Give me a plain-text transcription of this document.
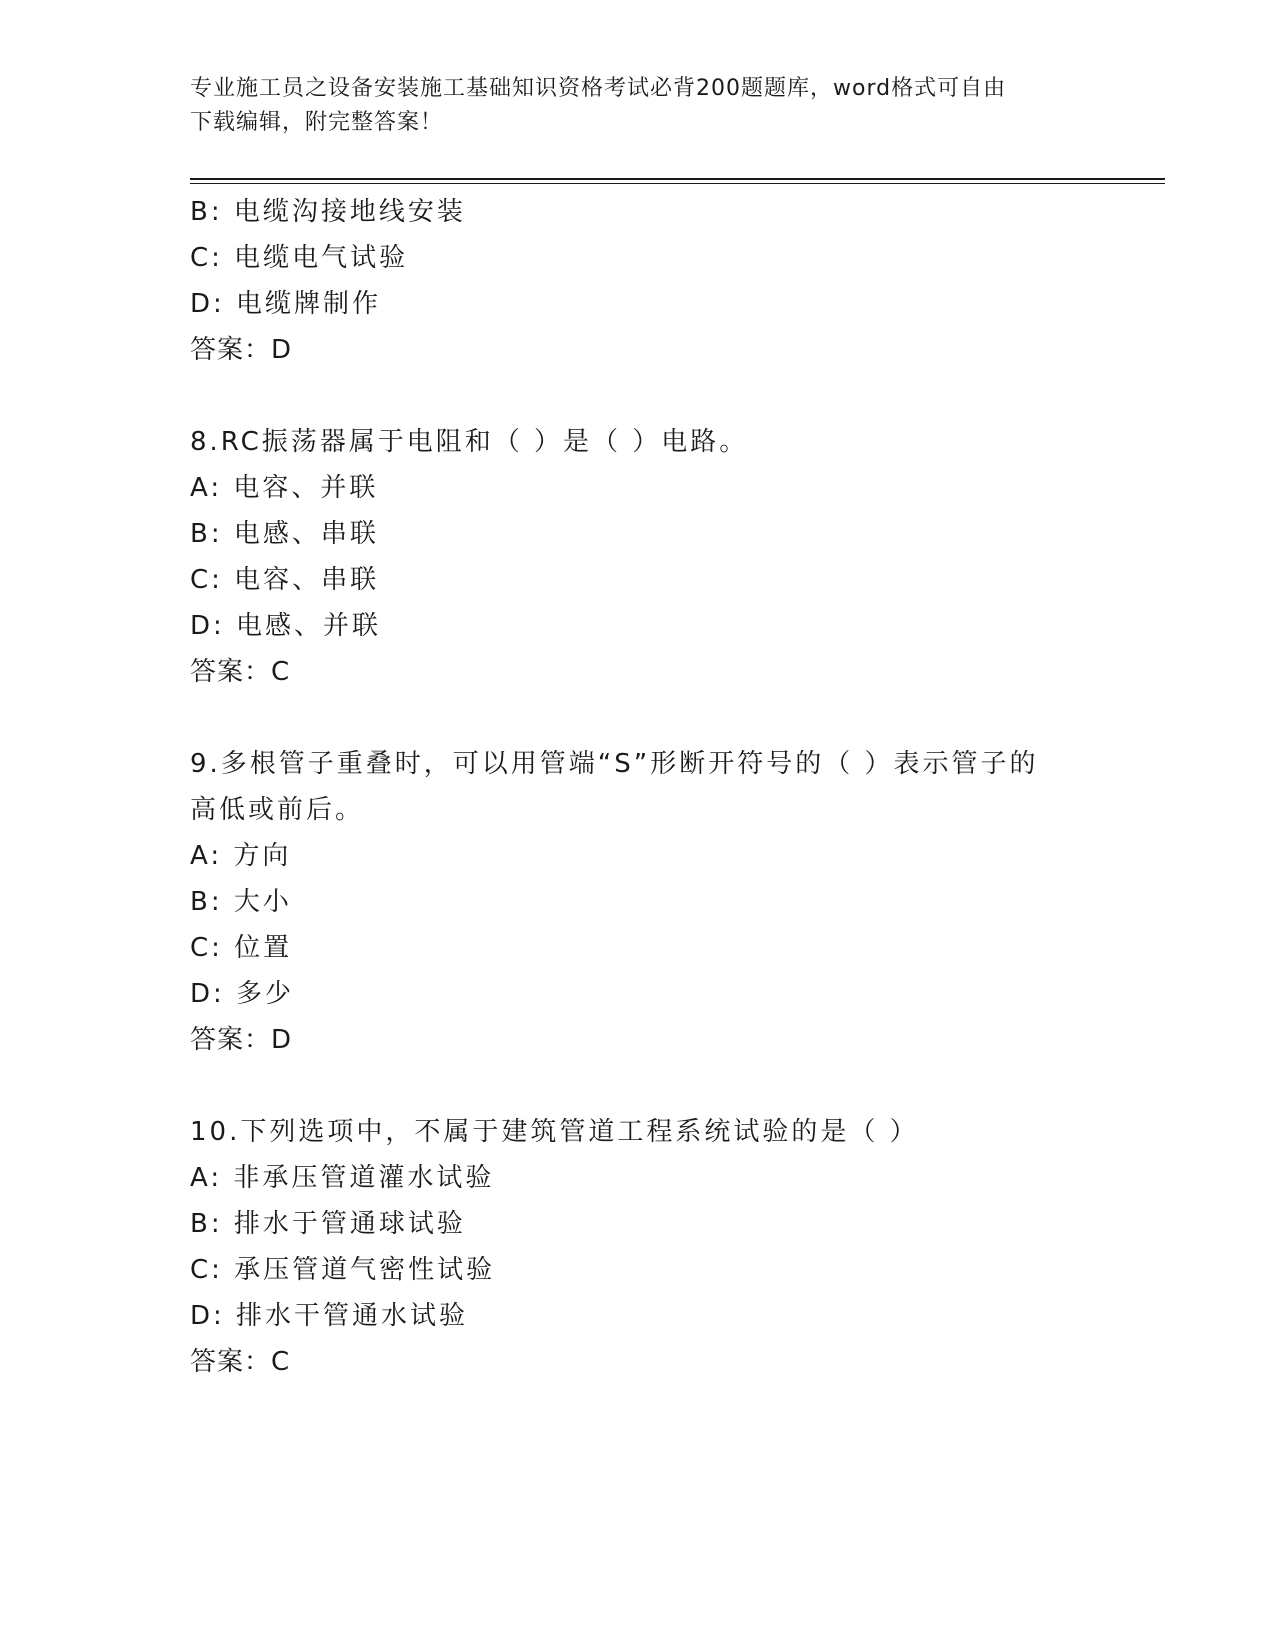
专业施工员之设备安装施工基础知识资格考试必背200题题库，word格式可自由
下载编辑，附完整答案！
B: 电缆沟接地线安装
C: 电缆电气试验
D: 电缆牌制作
答案：D
8.RC振荡器属于电阻和（ ）是（ ）电路。
A: 电容、并联
B: 电感、串联
C: 电容、串联
D: 电感、并联
答案：C
9.多根管子重叠时，可以用管端“S”形断开符号的（ ）表示管子的
高低或前后。
A: 方向
B: 大小
C: 位置
D: 多少
答案：D
10.下列选项中，不属于建筑管道工程系统试验的是（ ）
A: 非承压管道灌水试验
B: 排水于管通球试验
C: 承压管道气密性试验
D: 排水干管通水试验
答案：C
